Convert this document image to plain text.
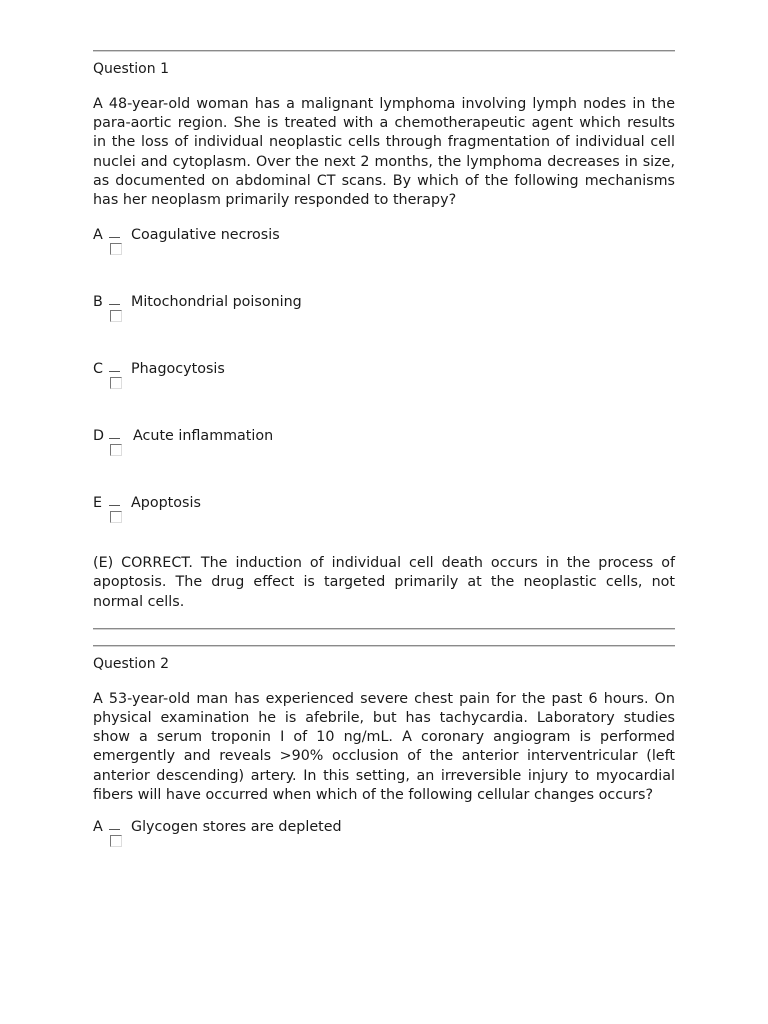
Question 1

A 48-year-old woman has a malignant lymphoma involving lymph nodes in the para-aortic region. She is treated with a chemotherapeutic agent which results in the loss of individual neoplastic cells through fragmentation of individual cell nuclei and cytoplasm. Over the next 2 months, the lymphoma decreases in size, as documented on abdominal CT scans. By which of the following mechanisms has her neoplasm primarily responded to therapy?

A Coagulative necrosis
B Mitochondrial poisoning
C Phagocytosis
D Acute inflammation
E Apoptosis

(E) CORRECT. The induction of individual cell death occurs in the process of apoptosis. The drug effect is targeted primarily at the neoplastic cells, not normal cells.

Question 2

A 53-year-old man has experienced severe chest pain for the past 6 hours. On physical examination he is afebrile, but has tachycardia. Laboratory studies show a serum troponin I of 10 ng/mL. A coronary angiogram is performed emergently and reveals >90% occlusion of the anterior interventricular (left anterior descending) artery. In this setting, an irreversible injury to myocardial fibers will have occurred when which of the following cellular changes occurs?

A Glycogen stores are depleted
